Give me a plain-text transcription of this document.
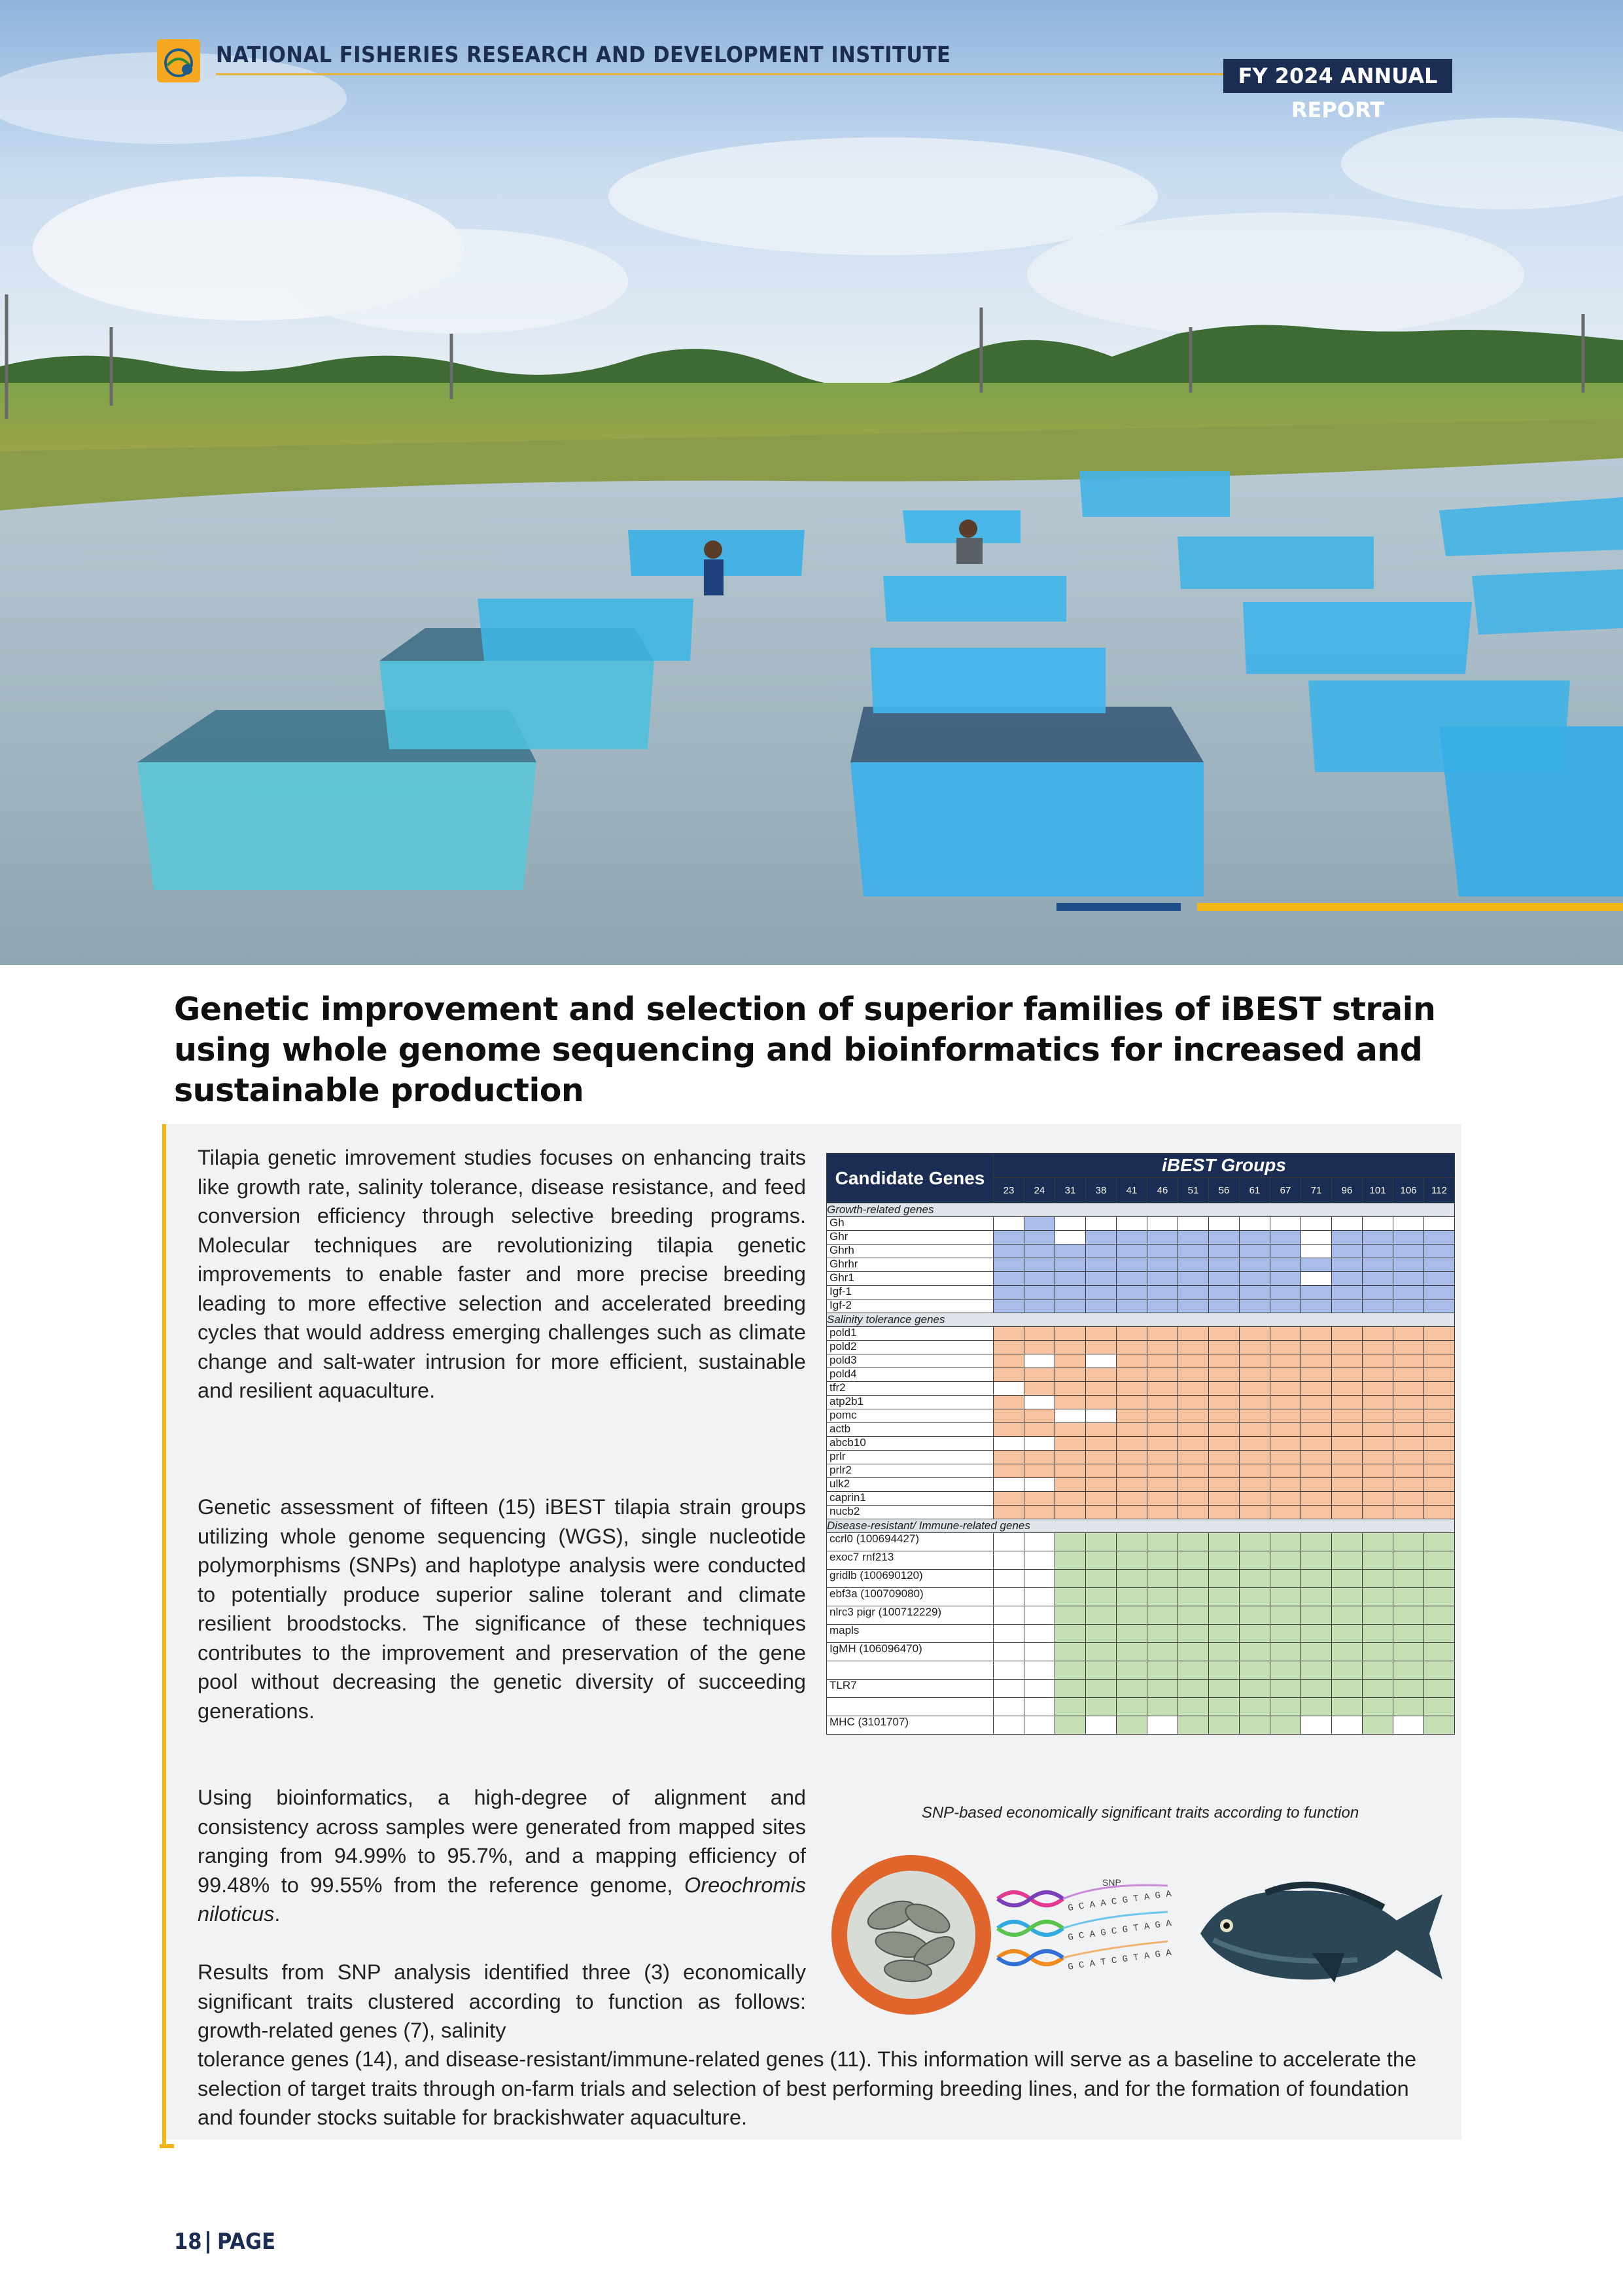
NATIONAL FISHERIES RESEARCH AND DEVELOPMENT INSTITUTE
FY 2024 ANNUAL REPORT
Genetic improvement and selection of superior families of iBEST strain using whole genome sequencing and bioinformatics for increased and sustainable production
Tilapia genetic imrovement studies focuses on enhancing traits like growth rate, salinity tolerance, disease resistance, and feed conversion efficiency through selective breeding programs. Molecular techniques are revolutionizing tilapia genetic improvements to enable faster and more precise breeding leading to more effective selection and accelerated breeding cycles that would address emerging challenges such as climate change and salt-water intrusion for more efficient, sustainable and resilient aquaculture.
Genetic assessment of fifteen (15) iBEST tilapia strain groups utilizing whole genome sequencing (WGS), single nucleotide polymorphisms (SNPs) and haplotype analysis were conducted to potentially produce superior saline tolerant and climate resilient broodstocks. The significance of these techniques contributes to the improvement and preservation of the gene pool without decreasing the genetic diversity of succeeding generations.
Using bioinformatics, a high-degree of alignment and consistency across samples were generated from mapped sites ranging from 94.99% to 95.7%, and a mapping efficiency of 99.48% to 99.55% from the reference genome, Oreochromis niloticus.
Results from SNP analysis identified three (3) economically significant traits clustered according to function as follows: growth-related genes (7), salinity
tolerance genes (14), and disease-resistant/immune-related genes (11). This information will serve as a baseline to accelerate the selection of target traits through on-farm trials and selection of best performing breeding lines, and for the formation of foundation and founder stocks suitable for brackishwater aquaculture.
Candidate Genes	iBEST Groups														
	23	24	31	38	41	46	51	56	61	67	71	96	101	106	112
Growth-related genes															
Gh															
Ghr															
Ghrh															
Ghrhr															
Ghr1															
Igf-1															
Igf-2															
Salinity tolerance genes															
pold1															
pold2															
pold3															
pold4															
tfr2															
atp2b1															
pomc															
actb															
abcb10															
prlr															
prlr2															
ulk2															
caprin1															
nucb2															
Disease-resistant/ Immune-related genes															
ccrl0 (100694427)															
exoc7 rnf213															
gridlb (100690120)															
ebf3a (100709080)															
nlrc3 pigr (100712229)															
mapls															
IgMH (106096470)															

TLR7															

MHC (3101707)															
SNP-based economically significant traits according to function
SNP
G C A A C G T A G A
G C A G C G T A G A
G C A T C G T A G A
18 PAGE
